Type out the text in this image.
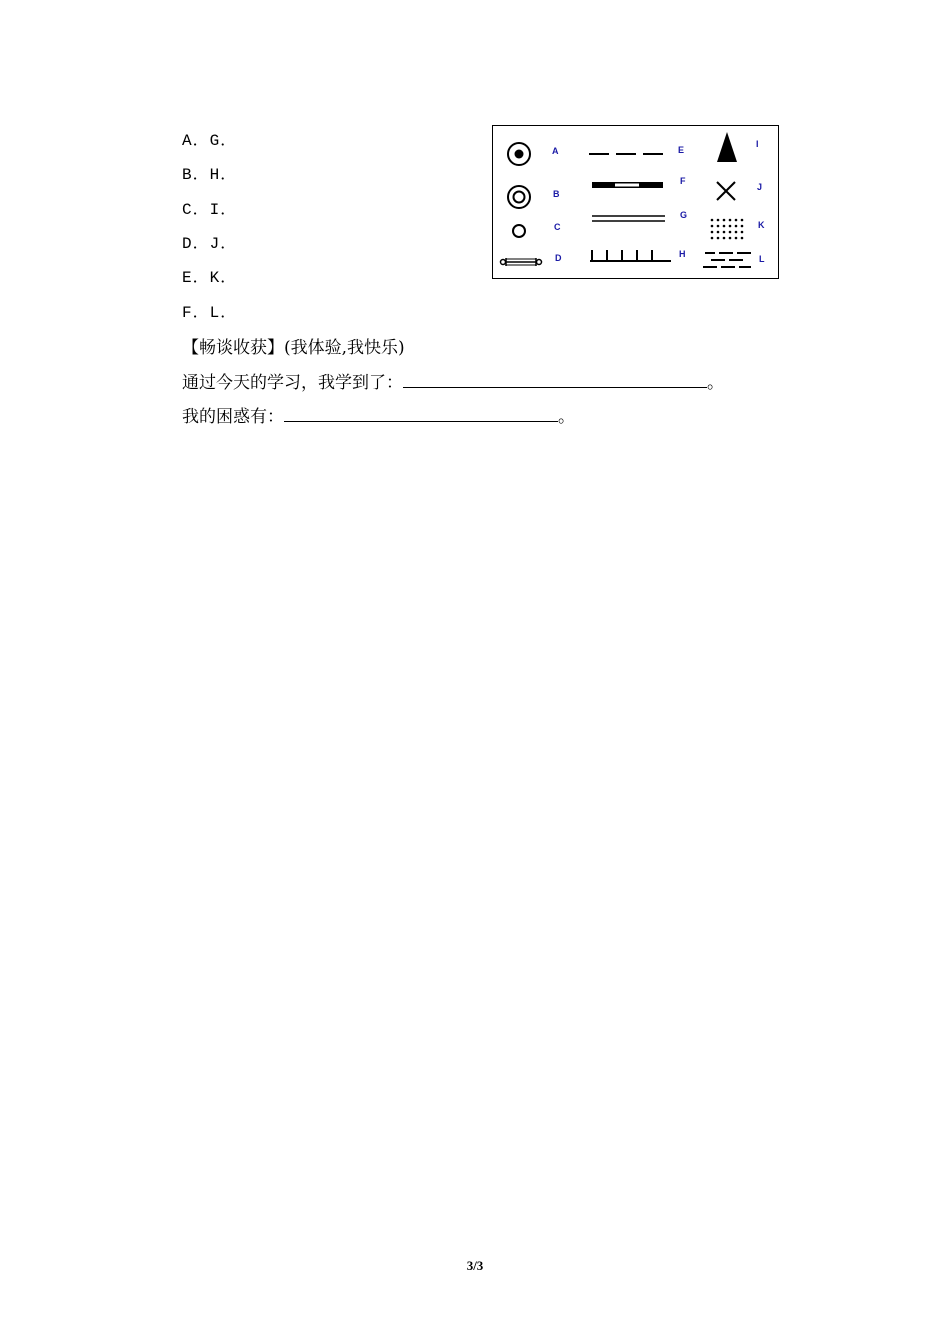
A．G．
B．H．
C．I．
D．J．
E．K．
F．L．
【畅谈收获】(我体验,我快乐)
通过今天的学习，我学到了：	。
我的困惑有：	。
A
B
C
D
E
F
G
H
I
J
K
L
3/3
